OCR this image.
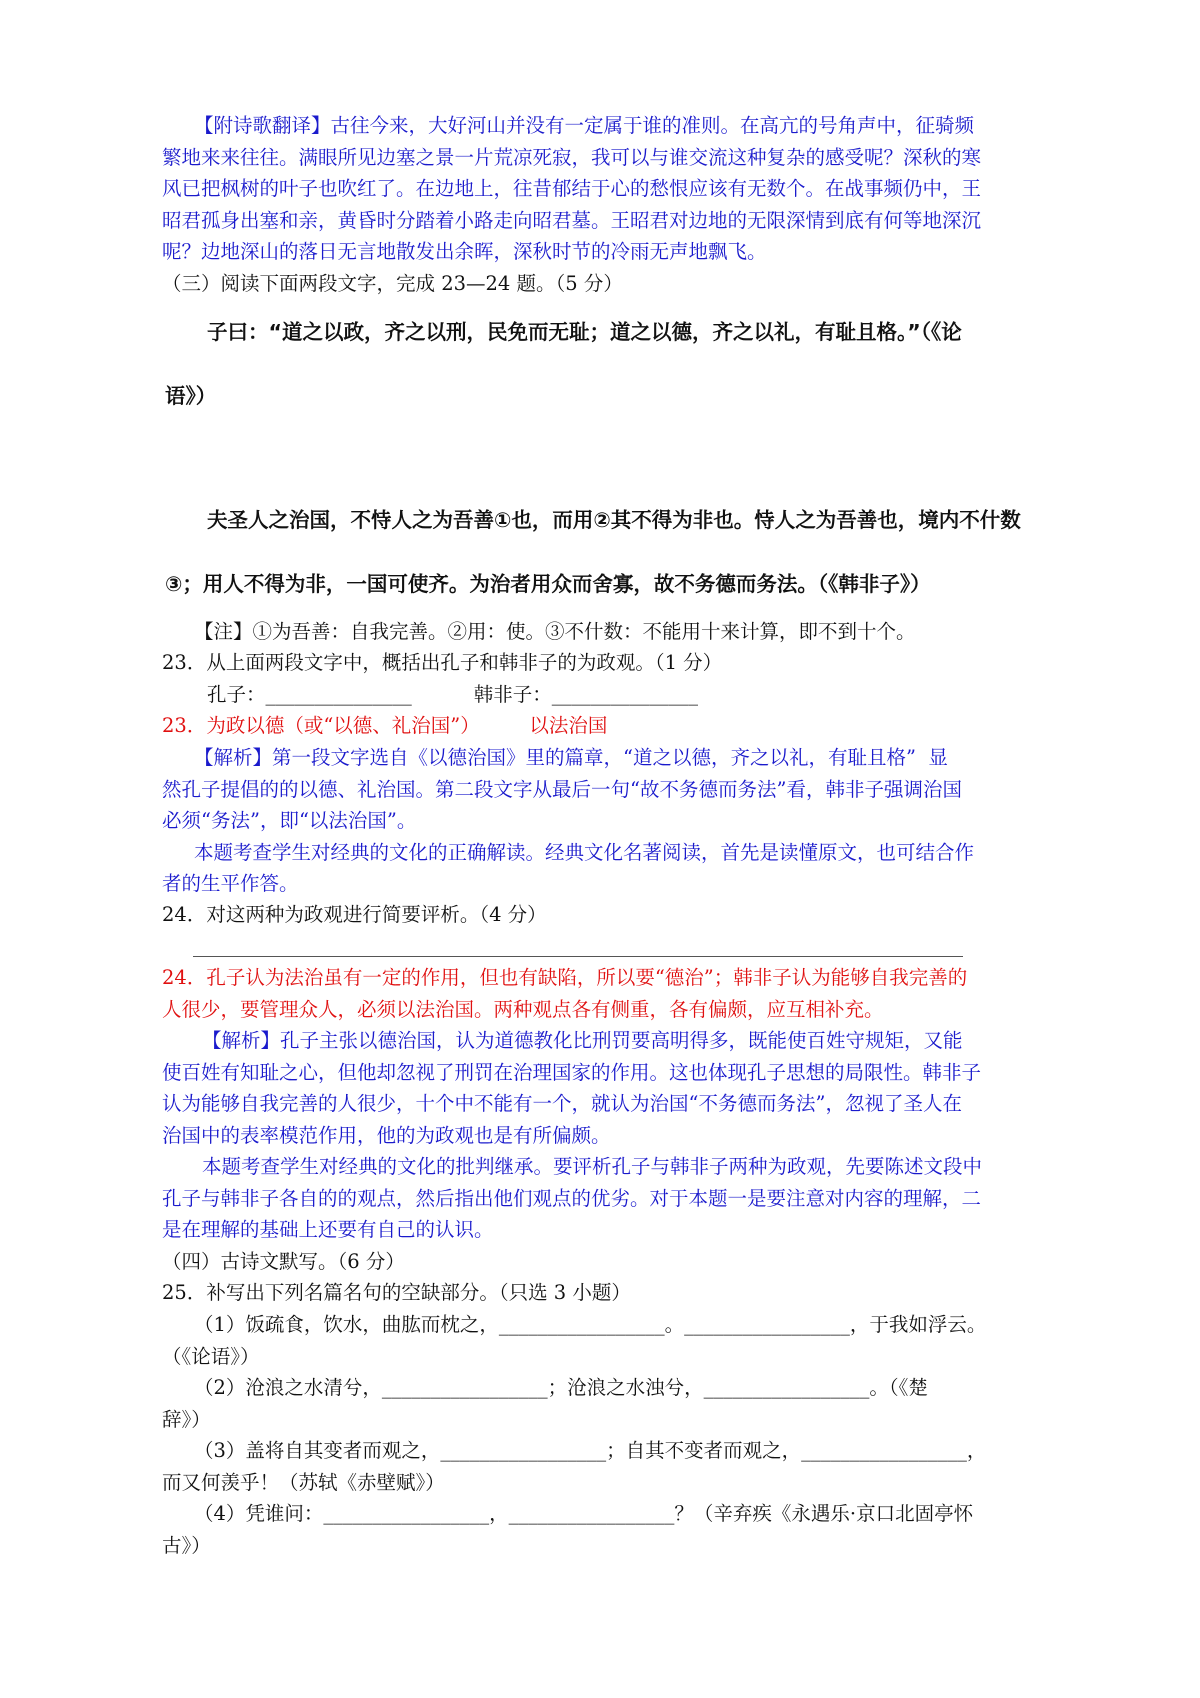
【附诗歌翻译】古往今来，大好河山并没有一定属于谁的准则。在高亢的号角声中，征骑频
繁地来来往往。满眼所见边塞之景一片荒凉死寂，我可以与谁交流这种复杂的感受呢？深秋的寒
风已把枫树的叶子也吹红了。在边地上，往昔郁结于心的愁恨应该有无数个。在战事频仍中，王
昭君孤身出塞和亲，黄昏时分踏着小路走向昭君墓。王昭君对边地的无限深情到底有何等地深沉
呢？边地深山的落日无言地散发出余晖，深秋时节的冷雨无声地飘飞。
（三）阅读下面两段文字，完成 23—24 题。（5 分）
子曰：“道之以政，齐之以刑，民免而无耻；道之以德，齐之以礼，有耻且格。”（《论
语》）
夫圣人之治国，不恃人之为吾善①也，而用②其不得为非也。恃人之为吾善也，境内不什数
③；用人不得为非，一国可使齐。为治者用众而舍寡，故不务德而务法。（《韩非子》）
【注】①为吾善：自我完善。②用：使。③不什数：不能用十来计算，即不到十个。
23．从上面两段文字中，概括出孔子和韩非子的为政观。（1 分）
孔子：_______________          韩非子：_______________
23．为政以德（或“以德、礼治国”）        以法治国
【解析】第一段文字选自《以德治国》里的篇章，“道之以德，齐之以礼，有耻且格”  显
然孔子提倡的的以德、礼治国。第二段文字从最后一句“故不务德而务法”看，韩非子强调治国
必须“务法”，即“以法治国”。
本题考查学生对经典的文化的正确解读。经典文化名著阅读，首先是读懂原文，也可结合作
者的生平作答。
24．对这两种为政观进行简要评析。（4 分）
24．孔子认为法治虽有一定的作用，但也有缺陷，所以要“德治”；韩非子认为能够自我完善的
人很少，要管理众人，必须以法治国。两种观点各有侧重，各有偏颇，应互相补充。
【解析】孔子主张以德治国，认为道德教化比刑罚要高明得多，既能使百姓守规矩，又能
使百姓有知耻之心，但他却忽视了刑罚在治理国家的作用。这也体现孔子思想的局限性。韩非子
认为能够自我完善的人很少，十个中不能有一个，就认为治国“不务德而务法”，忽视了圣人在
治国中的表率模范作用，他的为政观也是有所偏颇。
本题考查学生对经典的文化的批判继承。要评析孔子与韩非子两种为政观，先要陈述文段中
孔子与韩非子各自的的观点，然后指出他们观点的优劣。对于本题一是要注意对内容的理解，二
是在理解的基础上还要有自己的认识。
（四）古诗文默写。（6 分）
25．补写出下列名篇名句的空缺部分。（只选 3 小题）
（1）饭疏食，饮水，曲肱而枕之，_________________。_________________，于我如浮云。
（《论语》）
（2）沧浪之水清兮，_________________；沧浪之水浊兮，_________________。（《楚
辞》）
（3）盖将自其变者而观之，_________________；自其不变者而观之，_________________，
而又何羡乎！（苏轼《赤壁赋》）
（4）凭谁问：_________________，_________________？（辛弃疾《永遇乐·京口北固亭怀
古》）
